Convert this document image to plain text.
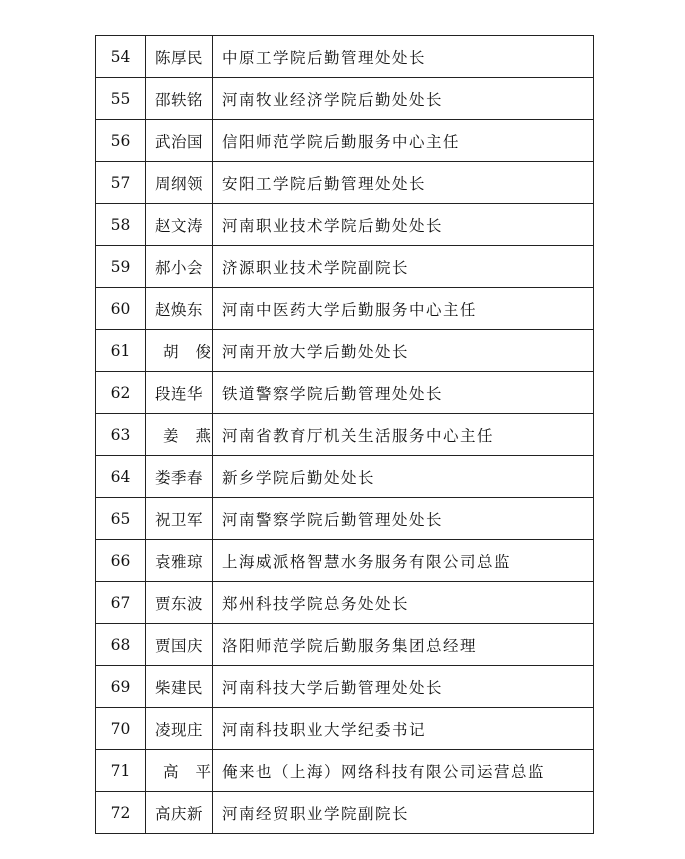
54	陈厚民	中原工学院后勤管理处处长
55	邵轶铭	河南牧业经济学院后勤处处长
56	武治国	信阳师范学院后勤服务中心主任
57	周纲领	安阳工学院后勤管理处处长
58	赵文涛	河南职业技术学院后勤处处长
59	郝小会	济源职业技术学院副院长
60	赵焕东	河南中医药大学后勤服务中心主任
61	胡俊	河南开放大学后勤处处长
62	段连华	铁道警察学院后勤管理处处长
63	姜燕	河南省教育厅机关生活服务中心主任
64	娄季春	新乡学院后勤处处长
65	祝卫军	河南警察学院后勤管理处处长
66	袁雅琼	上海威派格智慧水务服务有限公司总监
67	贾东波	郑州科技学院总务处处长
68	贾国庆	洛阳师范学院后勤服务集团总经理
69	柴建民	河南科技大学后勤管理处处长
70	凌现庄	河南科技职业大学纪委书记
71	高平	俺来也（上海）网络科技有限公司运营总监
72	高庆新	河南经贸职业学院副院长
